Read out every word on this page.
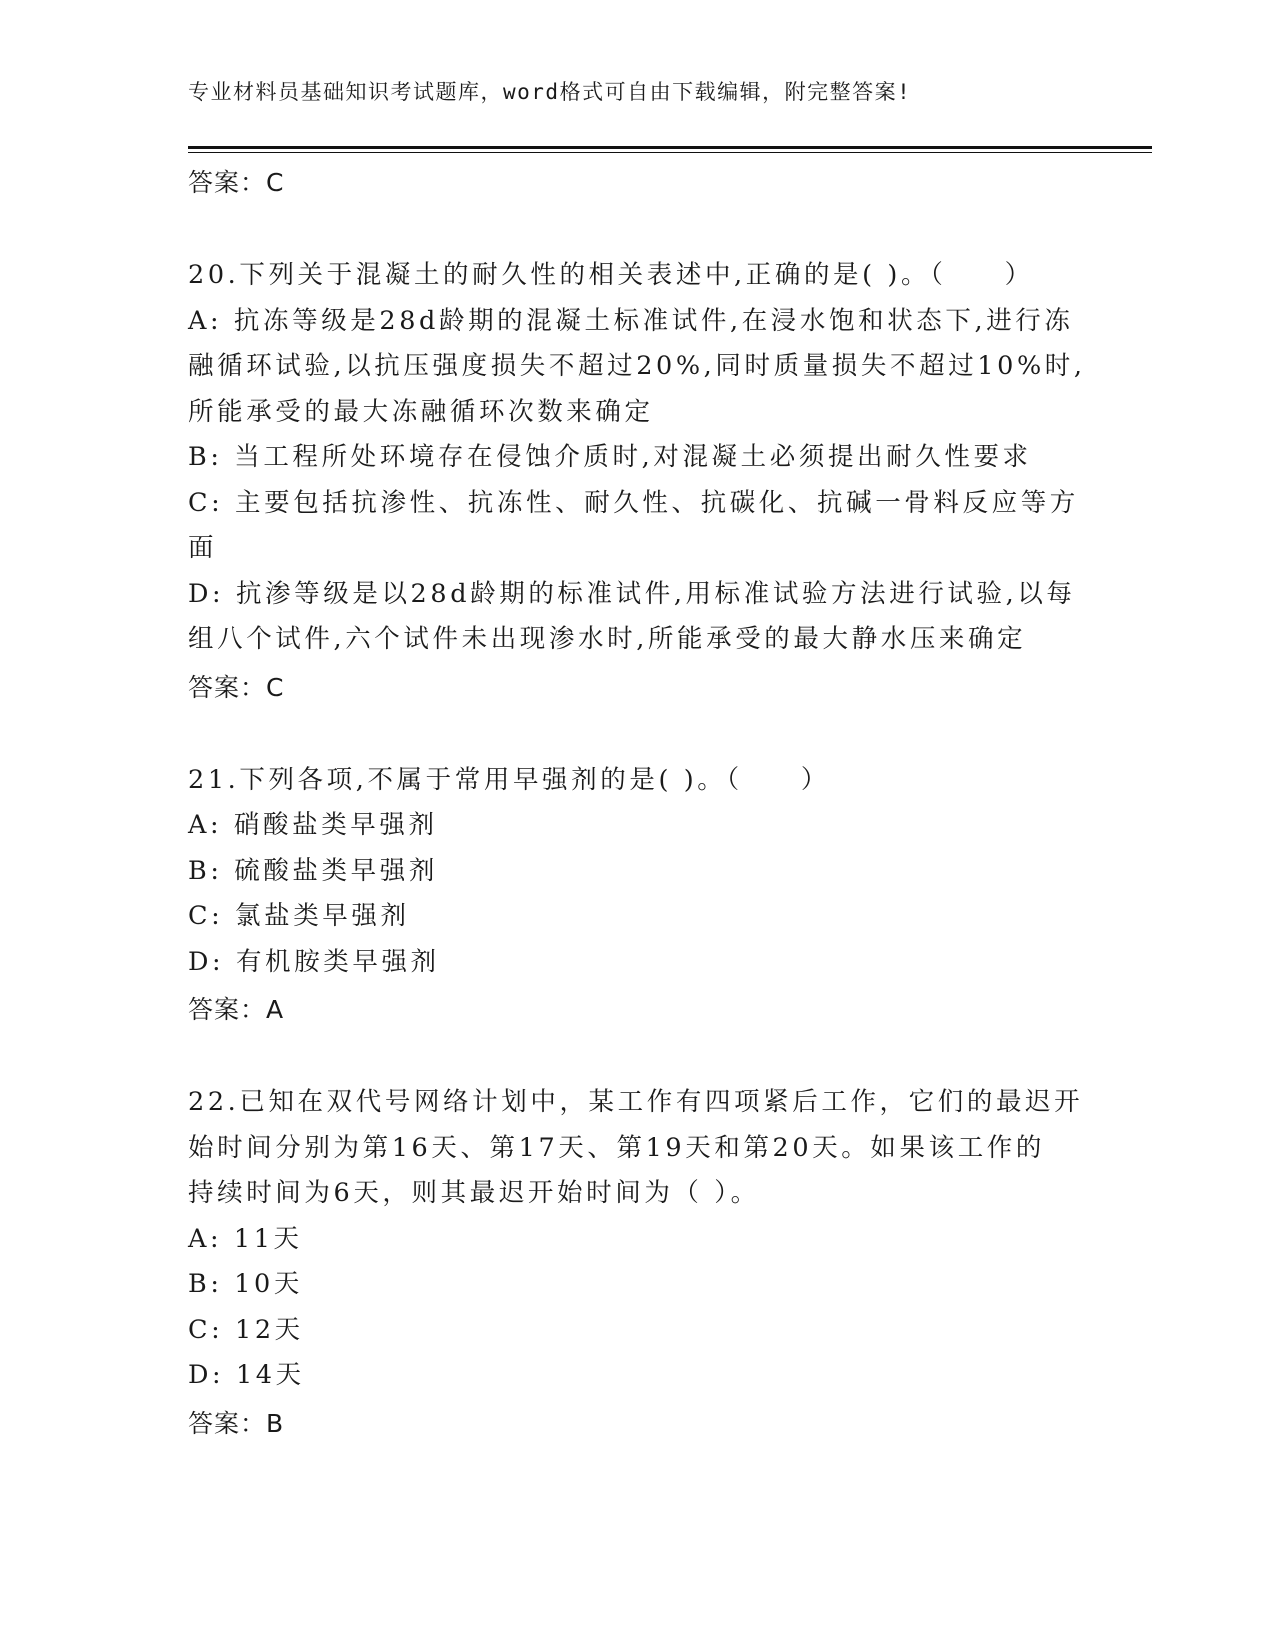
专业材料员基础知识考试题库，word格式可自由下载编辑，附完整答案!
答案：C
20.下列关于混凝土的耐久性的相关表述中,正确的是( )。（　　）
A: 抗冻等级是28d龄期的混凝土标准试件,在浸水饱和状态下,进行冻
融循环试验,以抗压强度损失不超过20%,同时质量损失不超过10%时,
所能承受的最大冻融循环次数来确定
B: 当工程所处环境存在侵蚀介质时,对混凝土必须提出耐久性要求
C: 主要包括抗渗性、抗冻性、耐久性、抗碳化、抗碱一骨料反应等方
面
D: 抗渗等级是以28d龄期的标准试件,用标准试验方法进行试验,以每
组八个试件,六个试件未出现渗水时,所能承受的最大静水压来确定
答案：C
21.下列各项,不属于常用早强剂的是( )。（　　）
A: 硝酸盐类早强剂
B: 硫酸盐类早强剂
C: 氯盐类早强剂
D: 有机胺类早强剂
答案：A
22.已知在双代号网络计划中，某工作有四项紧后工作，它们的最迟开
始时间分别为第16天、第17天、第19天和第20天。如果该工作的
持续时间为6天，则其最迟开始时间为（ ）。
A: 11天
B: 10天
C: 12天
D: 14天
答案：B
